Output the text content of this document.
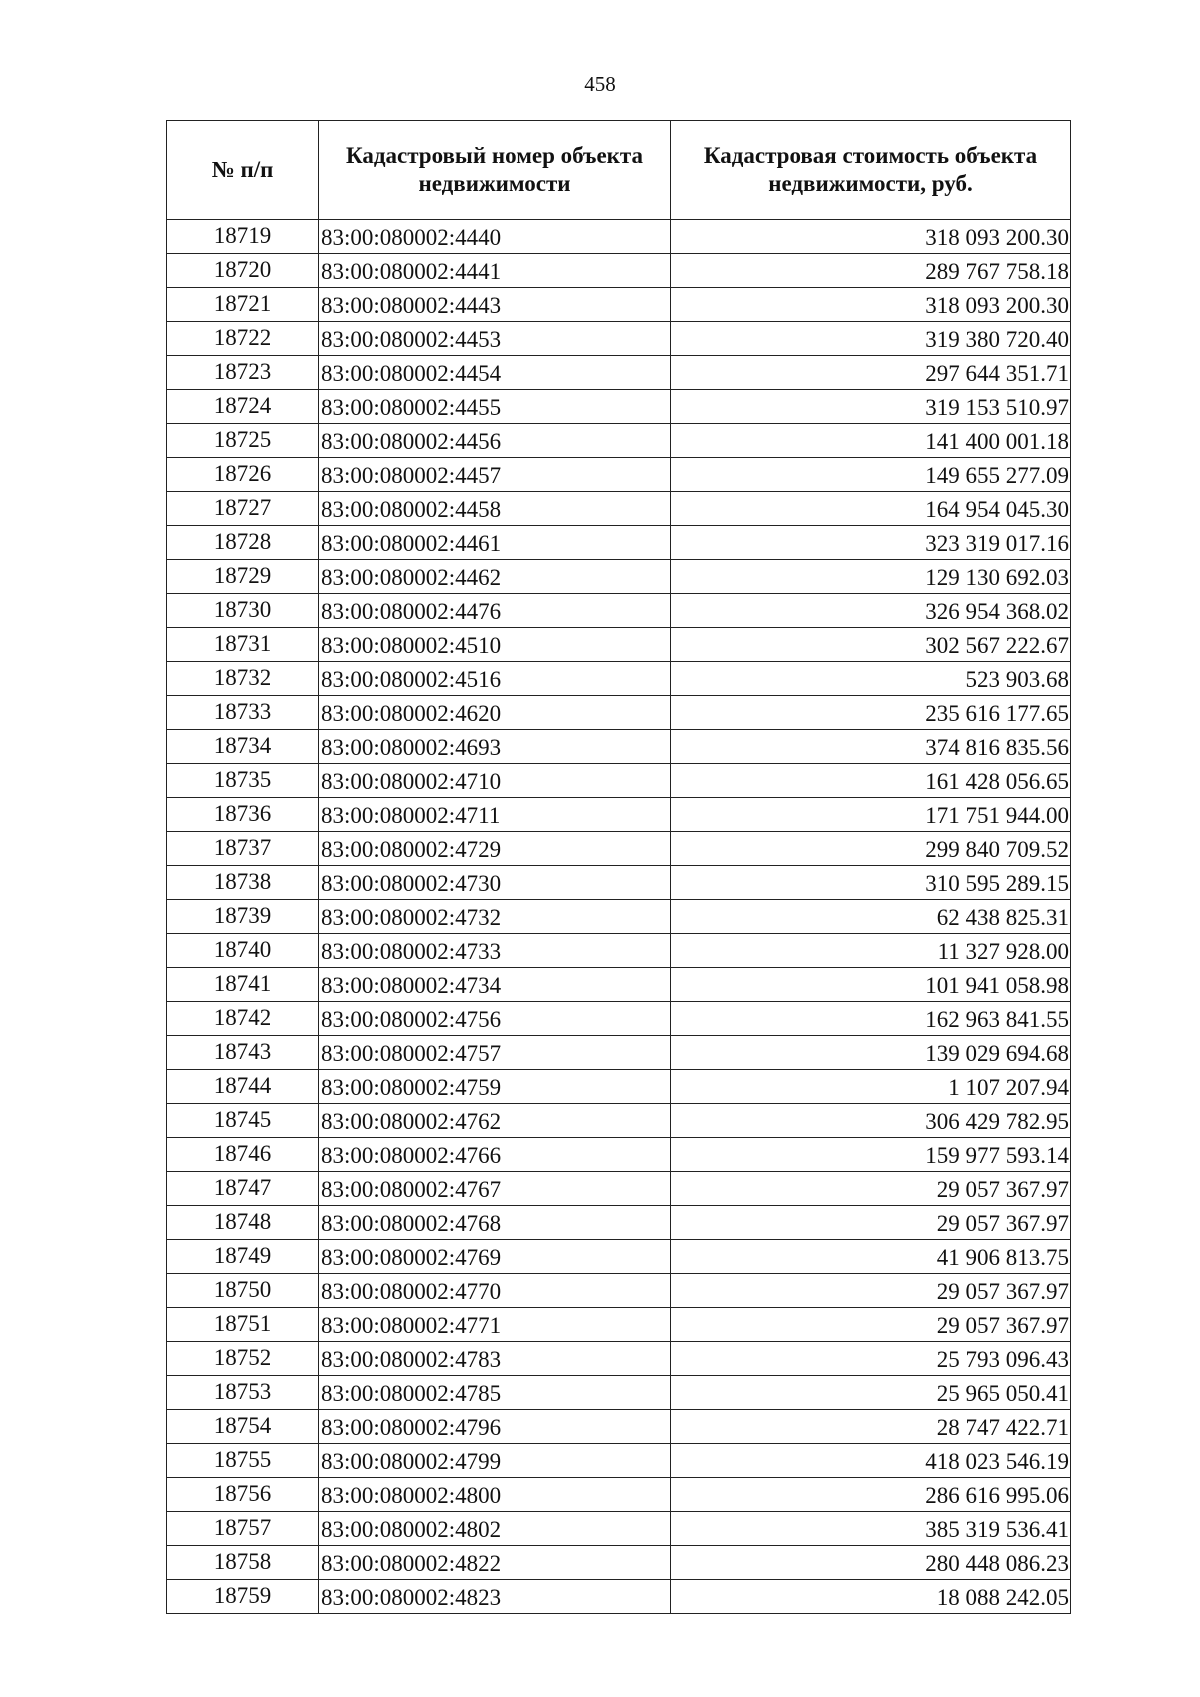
458
№ п/п	Кадастровый номер объекта недвижимости	Кадастровая стоимость объекта недвижимости, руб.
18719	83:00:080002:4440	318 093 200.30
18720	83:00:080002:4441	289 767 758.18
18721	83:00:080002:4443	318 093 200.30
18722	83:00:080002:4453	319 380 720.40
18723	83:00:080002:4454	297 644 351.71
18724	83:00:080002:4455	319 153 510.97
18725	83:00:080002:4456	141 400 001.18
18726	83:00:080002:4457	149 655 277.09
18727	83:00:080002:4458	164 954 045.30
18728	83:00:080002:4461	323 319 017.16
18729	83:00:080002:4462	129 130 692.03
18730	83:00:080002:4476	326 954 368.02
18731	83:00:080002:4510	302 567 222.67
18732	83:00:080002:4516	523 903.68
18733	83:00:080002:4620	235 616 177.65
18734	83:00:080002:4693	374 816 835.56
18735	83:00:080002:4710	161 428 056.65
18736	83:00:080002:4711	171 751 944.00
18737	83:00:080002:4729	299 840 709.52
18738	83:00:080002:4730	310 595 289.15
18739	83:00:080002:4732	62 438 825.31
18740	83:00:080002:4733	11 327 928.00
18741	83:00:080002:4734	101 941 058.98
18742	83:00:080002:4756	162 963 841.55
18743	83:00:080002:4757	139 029 694.68
18744	83:00:080002:4759	1 107 207.94
18745	83:00:080002:4762	306 429 782.95
18746	83:00:080002:4766	159 977 593.14
18747	83:00:080002:4767	29 057 367.97
18748	83:00:080002:4768	29 057 367.97
18749	83:00:080002:4769	41 906 813.75
18750	83:00:080002:4770	29 057 367.97
18751	83:00:080002:4771	29 057 367.97
18752	83:00:080002:4783	25 793 096.43
18753	83:00:080002:4785	25 965 050.41
18754	83:00:080002:4796	28 747 422.71
18755	83:00:080002:4799	418 023 546.19
18756	83:00:080002:4800	286 616 995.06
18757	83:00:080002:4802	385 319 536.41
18758	83:00:080002:4822	280 448 086.23
18759	83:00:080002:4823	18 088 242.05
